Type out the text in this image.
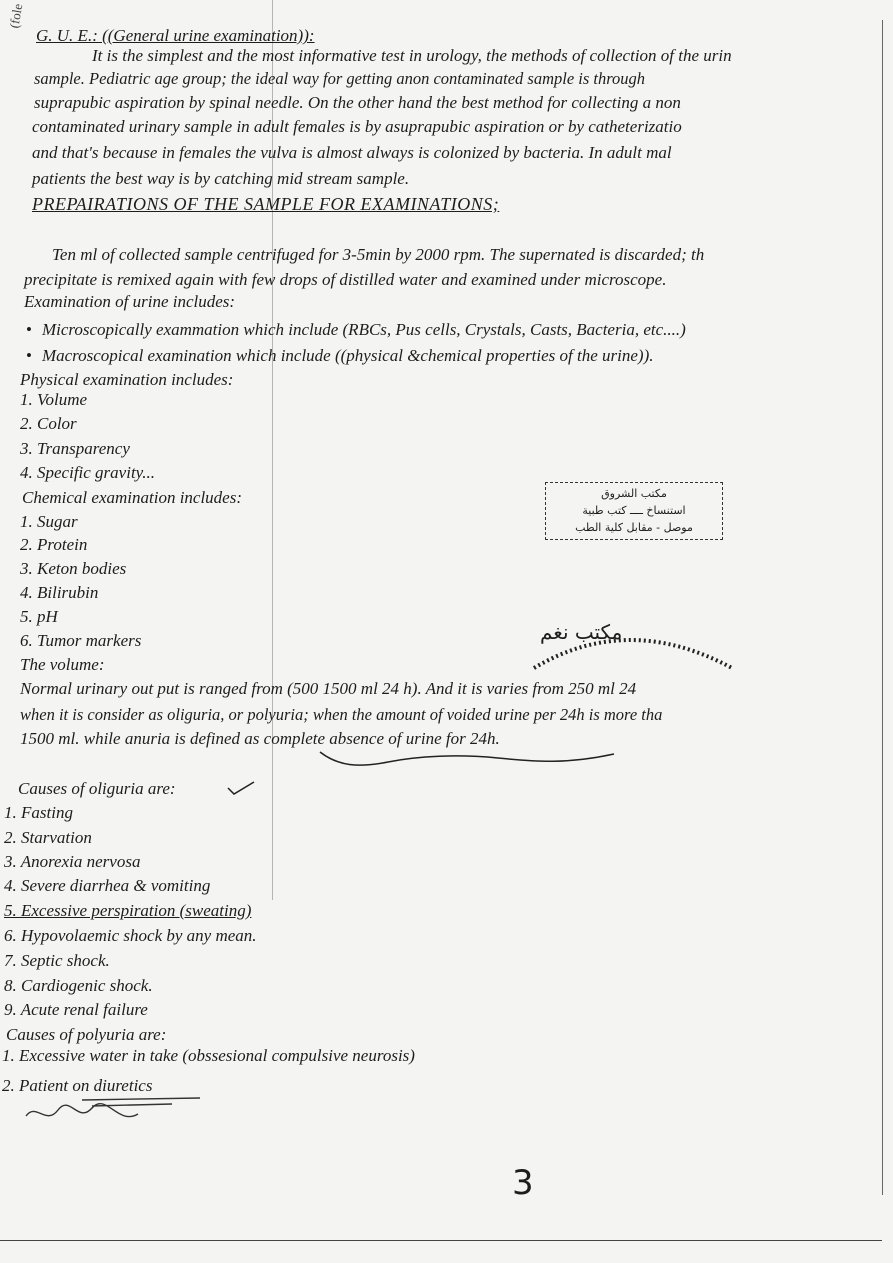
(fole
G. U. E.: ((General urine examination)):
It is the simplest and the most informative test in urology, the methods of collection of the urin
sample. Pediatric age group; the ideal way for getting anon contaminated sample is through
suprapubic aspiration by spinal needle. On the other hand the best method for collecting a non
contaminated urinary sample in adult females is by asuprapubic aspiration or by catheterizatio
and that's because in females the vulva is almost always is colonized by bacteria. In adult mal
patients the best way is by catching mid stream sample.
PREPAIRATIONS OF THE SAMPLE FOR EXAMINATIONS;
Ten ml of collected sample centrifuged for 3-5min by 2000 rpm. The supernated is discarded; th
precipitate is remixed again with few drops of distilled water and examined under microscope.
Examination of urine includes:
• Microscopically exammation which include (RBCs, Pus cells, Crystals, Casts, Bacteria, etc....)
• Macroscopical examination which include ((physical &chemical properties of the urine)).
Physical examination includes:
1. Volume
2. Color
3. Transparency
4. Specific gravity...
Chemical examination includes:
1. Sugar
2. Protein
3. Keton bodies
4. Bilirubin
5. pH
6. Tumor markers
The volume:
Normal urinary out put is ranged from (500 1500 ml 24 h). And it is varies from 250 ml 24
when it is consider as oliguria, or polyuria; when the amount of voided urine per 24h is more tha
1500 ml. while anuria is defined as complete absence of urine for 24h.
Causes of oliguria are:
1. Fasting
2. Starvation
3. Anorexia nervosa
4. Severe diarrhea & vomiting
5. Excessive perspiration (sweating)
6. Hypovolaemic shock by any mean.
7. Septic shock.
8. Cardiogenic shock.
9. Acute renal failure
Causes of polyuria are:
1. Excessive water in take (obssesional compulsive neurosis)
2. Patient on diuretics
مكتب الشروق
استنساخ ــــ كتب طبية
موصل - مقابل كلية الطب
مكتب نغم
3
